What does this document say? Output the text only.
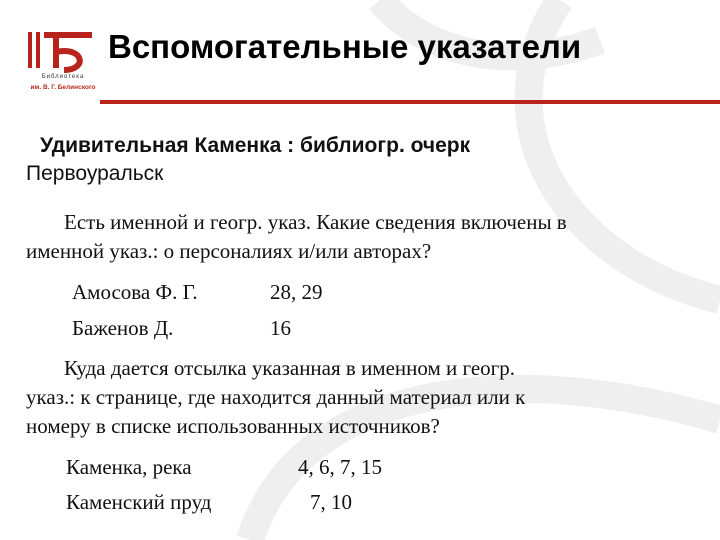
Библиотека
им. В. Г. Белинского
Вспомогательные указатели
Удивительная Каменка : библиогр. очерк
Первоуральск
Есть именной и геогр. указ. Какие сведения включены в
именной указ.: о персоналиях и/или авторах?
Амосова Ф. Г.	28, 29
Баженов Д.	16
Куда дается отсылка указанная в именном и геогр.
указ.: к странице, где находится данный материал или к
номеру в списке использованных источников?
Каменка, река	4, 6, 7, 15
Каменский пруд	7, 10
